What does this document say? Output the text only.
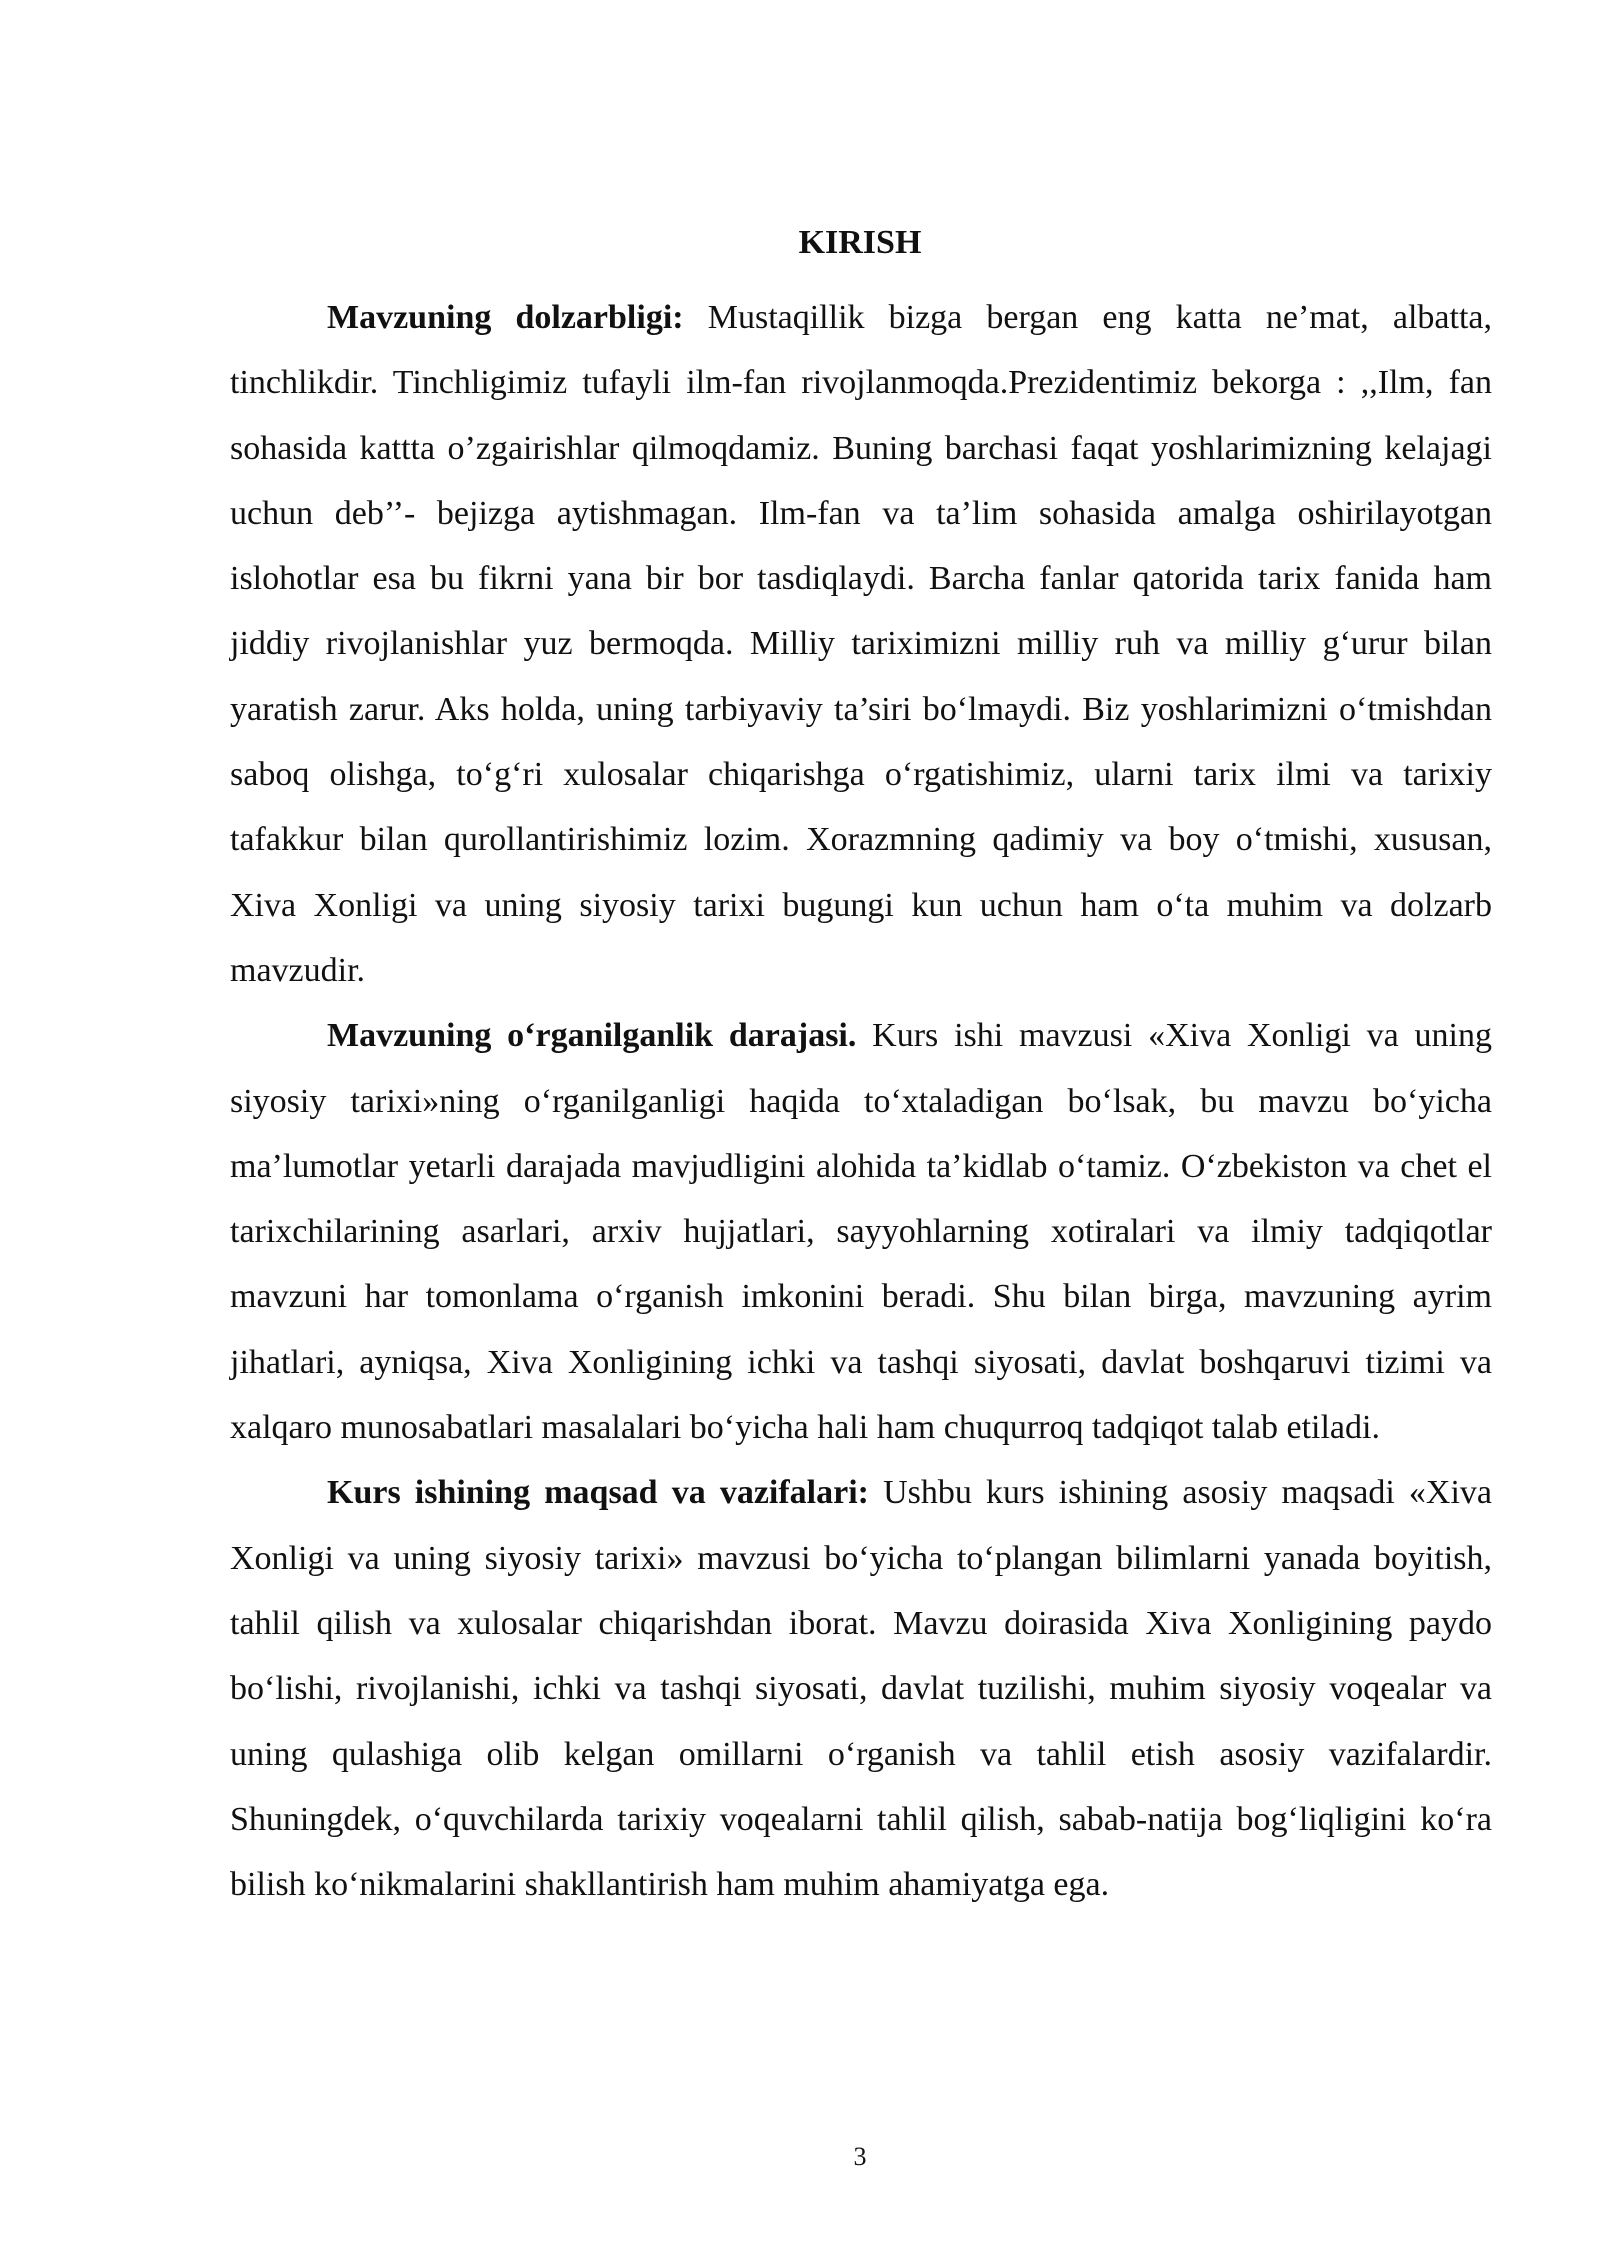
KIRISH

Mavzuning dolzarbligi: Mustaqillik bizga bergan eng katta ne’mat, albatta, tinchlikdir. Tinchligimiz tufayli ilm-fan rivojlanmoqda.Prezidentimiz bekorga : ,,Ilm, fan sohasida kattta o’zgairishlar qilmoqdamiz. Buning barchasi faqat yoshlarimizning kelajagi uchun deb’’- bejizga aytishmagan. Ilm-fan va ta’lim sohasida amalga oshirilayotgan islohotlar esa bu fikrni yana bir bor tasdiqlaydi. Barcha fanlar qatorida tarix fanida ham jiddiy rivojlanishlar yuz bermoqda. Milliy tariximizni milliy ruh va milliy g‘urur bilan yaratish zarur. Aks holda, uning tarbiyaviy ta’siri bo‘lmaydi. Biz yoshlarimizni o‘tmishdan saboq olishga, to‘g‘ri xulosalar chiqarishga o‘rgatishimiz, ularni tarix ilmi va tarixiy tafakkur bilan qurollantirishimiz lozim. Xorazmning qadimiy va boy o‘tmishi, xususan, Xiva Xonligi va uning siyosiy tarixi bugungi kun uchun ham o‘ta muhim va dolzarb mavzudir.

Mavzuning o‘rganilganlik darajasi. Kurs ishi mavzusi «Xiva Xonligi va uning siyosiy tarixi»ning o‘rganilganligi haqida to‘xtaladigan bo‘lsak, bu mavzu bo‘yicha ma’lumotlar yetarli darajada mavjudligini alohida ta’kidlab o‘tamiz. O‘zbekiston va chet el tarixchilarining asarlari, arxiv hujjatlari, sayyohlarning xotiralari va ilmiy tadqiqotlar mavzuni har tomonlama o‘rganish imkonini beradi. Shu bilan birga, mavzuning ayrim jihatlari, ayniqsa, Xiva Xonligining ichki va tashqi siyosati, davlat boshqaruvi tizimi va xalqaro munosabatlari masalalari bo‘yicha hali ham chuqurroq tadqiqot talab etiladi.

Kurs ishining maqsad va vazifalari: Ushbu kurs ishining asosiy maqsadi «Xiva Xonligi va uning siyosiy tarixi» mavzusi bo‘yicha to‘plangan bilimlarni yanada boyitish, tahlil qilish va xulosalar chiqarishdan iborat. Mavzu doirasida Xiva Xonligining paydo bo‘lishi, rivojlanishi, ichki va tashqi siyosati, davlat tuzilishi, muhim siyosiy voqealar va uning qulashiga olib kelgan omillarni o‘rganish va tahlil etish asosiy vazifalardir. Shuningdek, o‘quvchilarda tarixiy voqealarni tahlil qilish, sabab-natija bog‘liqligini ko‘ra bilish ko‘nikmalarini shakllantirish ham muhim ahamiyatga ega.

3
